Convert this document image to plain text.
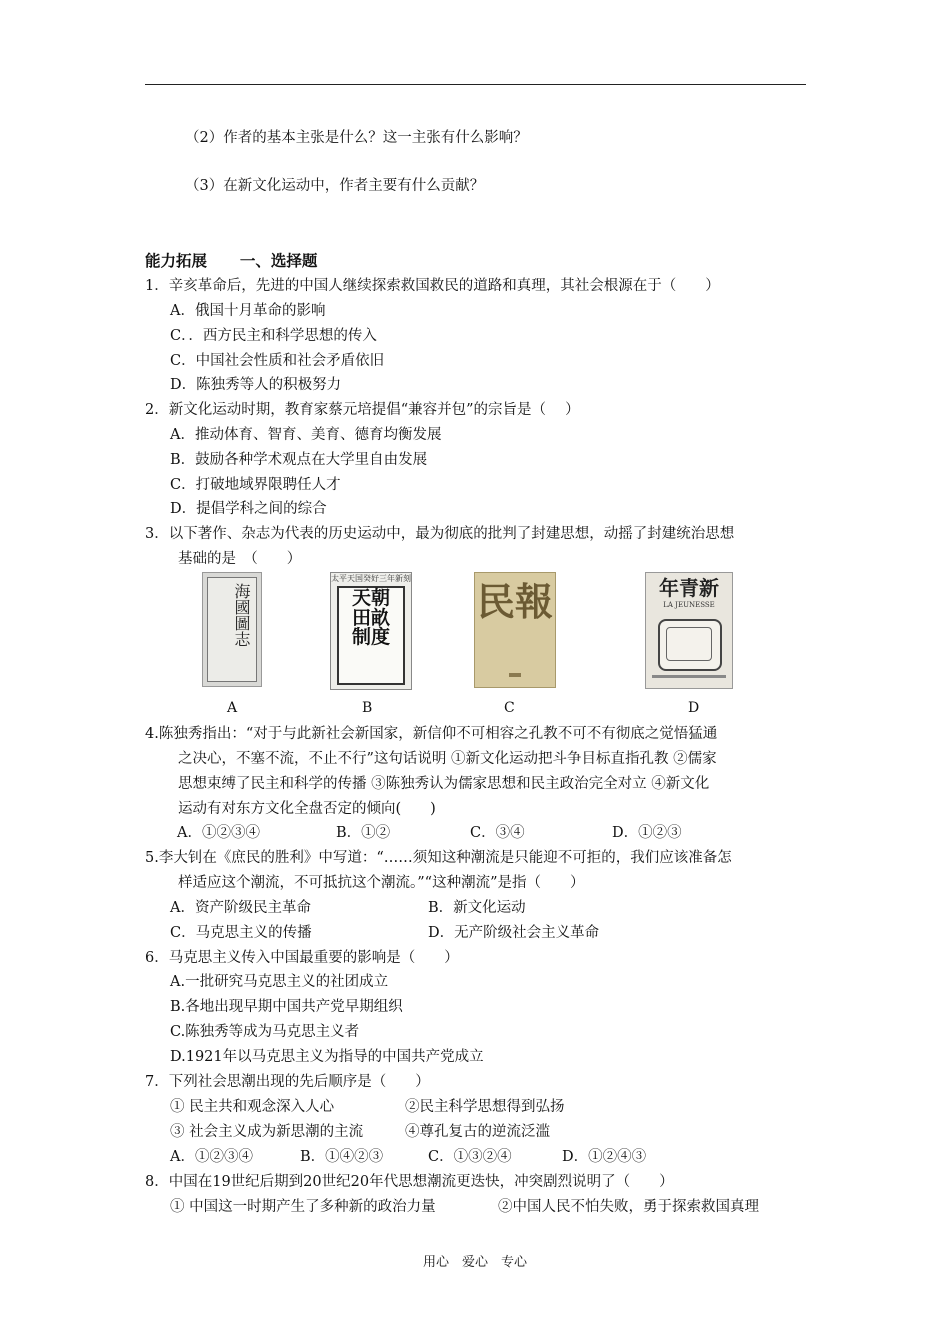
（2）作者的基本主张是什么？这一主张有什么影响？
（3）在新文化运动中，作者主要有什么贡献？
能力拓展 一、选择题
1．辛亥革命后，先进的中国人继续探索救国救民的道路和真理，其社会根源在于（　　）
A．俄国十月革命的影响
C．．西方民主和科学思想的传入
C．中国社会性质和社会矛盾依旧
D．陈独秀等人的积极努力
2．新文化运动时期，教育家蔡元培提倡“兼容并包”的宗旨是（　 ）
A．推动体育、智育、美育、德育均衡发展
B．鼓励各种学术观点在大学里自由发展
C．打破地域界限聘任人才
D．提倡学科之间的综合
3．以下著作、杂志为代表的历史运动中，最为彻底的批判了封建思想，动摇了封建统治思想
基础的是　（　　）
海國圖志
A
太平天国癸好三年新刻
天朝田畝制度
B
民報
C
新青年
LA JEUNESSE
D
4.陈独秀指出：“对于与此新社会新国家，新信仰不可相容之孔教不可不有彻底之觉悟猛通
之决心，不塞不流，不止不行”这句话说明 ①新文化运动把斗争目标直指孔教 ②儒家
思想束缚了民主和科学的传播 ③陈独秀认为儒家思想和民主政治完全对立 ④新文化
运动有对东方文化全盘否定的倾向(　　)
A．①②③④	B．①②	C．③④	D．①②③
5.李大钊在《庶民的胜利》中写道：“……须知这种潮流是只能迎不可拒的，我们应该准备怎
样适应这个潮流，不可抵抗这个潮流。”“这种潮流”是指（　　）
A．资产阶级民主革命	B．新文化运动
C．马克思主义的传播	D．无产阶级社会主义革命
6．马克思主义传入中国最重要的影响是（　　）
A.一批研究马克思主义的社团成立
B.各地出现早期中国共产党早期组织
C.陈独秀等成为马克思主义者
D.1921年以马克思主义为指导的中国共产党成立
7．下列社会思潮出现的先后顺序是（　　）
① 民主共和观念深入人心	②民主科学思想得到弘扬
③ 社会主义成为新思潮的主流	④尊孔复古的逆流泛滥
A．①②③④	B．①④②③	C．①③②④	D．①②④③
8．中国在19世纪后期到20世纪20年代思想潮流更迭快，冲突剧烈说明了（　　）
① 中国这一时期产生了多种新的政治力量	②中国人民不怕失败，勇于探索救国真理
用心　爱心　专心
